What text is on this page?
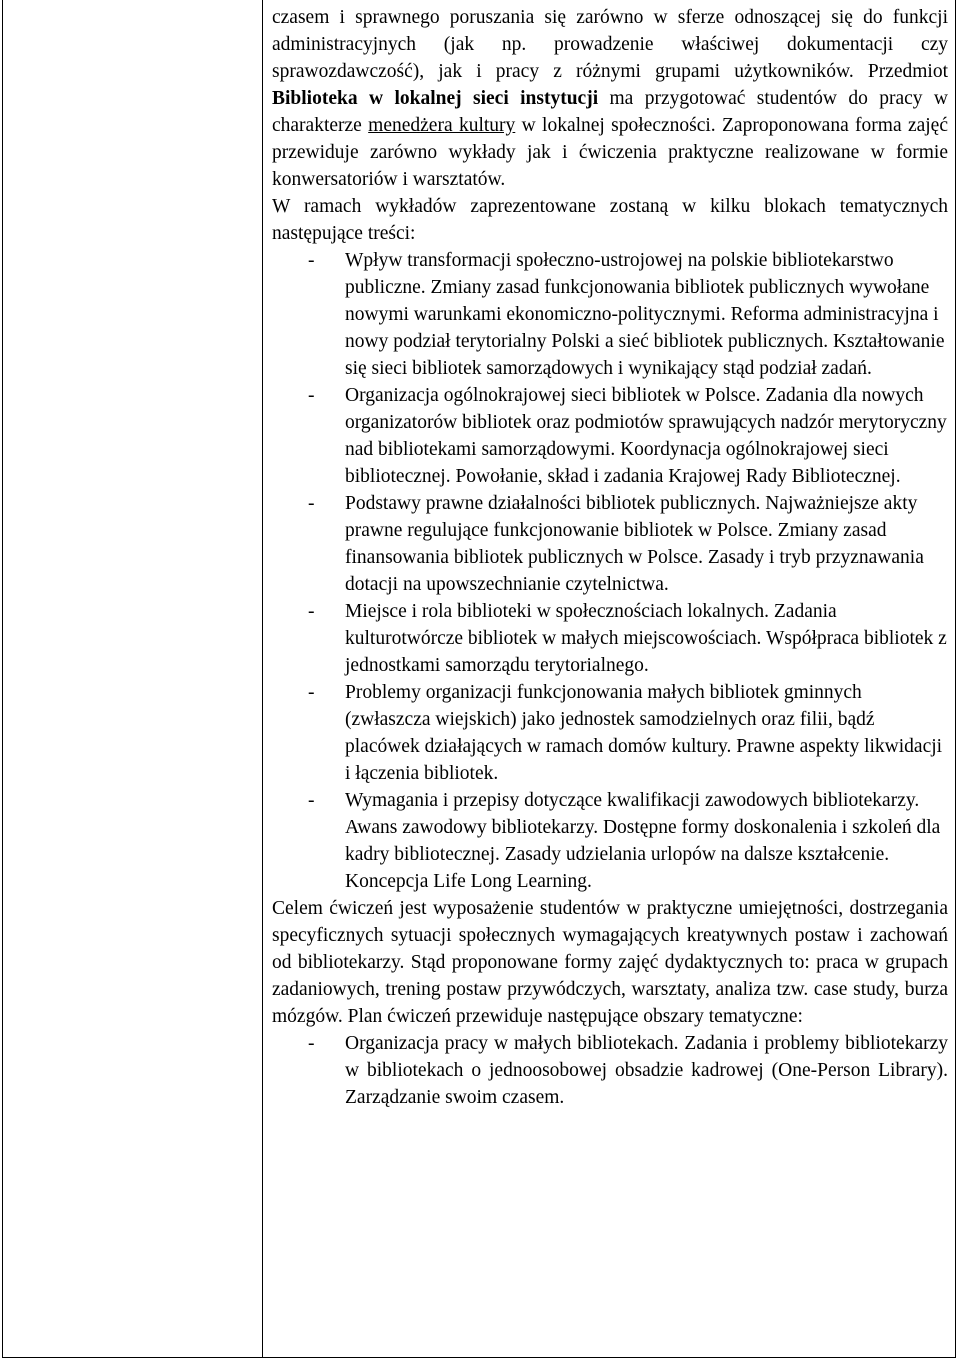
czasem i sprawnego poruszania się zarówno w sferze odnoszącej się do funkcji administracyjnych (jak np. prowadzenie właściwej dokumentacji czy sprawozdawczość), jak i pracy z różnymi grupami użytkowników. Przedmiot Biblioteka w lokalnej sieci instytucji ma przygotować studentów do pracy w charakterze menedżera kultury w lokalnej społeczności. Zaproponowana forma zajęć przewiduje zarówno wykłady jak i ćwiczenia praktyczne realizowane w formie konwersatoriów i warsztatów.

W ramach wykładów zaprezentowane zostaną w kilku blokach tematycznych następujące treści:

- Wpływ transformacji społeczno-ustrojowej na polskie bibliotekarstwo publiczne. Zmiany zasad funkcjonowania bibliotek publicznych wywołane nowymi warunkami ekonomiczno-politycznymi. Reforma administracyjna i nowy podział terytorialny Polski a sieć bibliotek publicznych. Kształtowanie się sieci bibliotek samorządowych i wynikający stąd podział zadań.
- Organizacja ogólnokrajowej sieci bibliotek w Polsce. Zadania dla nowych organizatorów bibliotek oraz podmiotów sprawujących nadzór merytoryczny nad bibliotekami samorządowymi. Koordynacja ogólnokrajowej sieci bibliotecznej. Powołanie, skład i zadania Krajowej Rady Bibliotecznej.
- Podstawy prawne działalności bibliotek publicznych. Najważniejsze akty prawne regulujące funkcjonowanie bibliotek w Polsce. Zmiany zasad finansowania bibliotek publicznych w Polsce. Zasady i tryb przyznawania dotacji na upowszechnianie czytelnictwa.
- Miejsce i rola biblioteki w społecznościach lokalnych. Zadania kulturotwórcze bibliotek w małych miejscowościach. Współpraca bibliotek z jednostkami samorządu terytorialnego.
- Problemy organizacji funkcjonowania małych bibliotek gminnych (zwłaszcza wiejskich) jako jednostek samodzielnych oraz filii, bądź placówek działających w ramach domów kultury. Prawne aspekty likwidacji i łączenia bibliotek.
- Wymagania i przepisy dotyczące kwalifikacji zawodowych bibliotekarzy. Awans zawodowy bibliotekarzy. Dostępne formy doskonalenia i szkoleń dla kadry bibliotecznej. Zasady udzielania urlopów na dalsze kształcenie. Koncepcja Life Long Learning.

Celem ćwiczeń jest wyposażenie studentów w praktyczne umiejętności, dostrzegania specyficznych sytuacji społecznych wymagających kreatywnych postaw i zachowań od bibliotekarzy. Stąd proponowane formy zajęć dydaktycznych to: praca w grupach zadaniowych, trening postaw przywódczych, warsztaty, analiza tzw. case study, burza mózgów. Plan ćwiczeń przewiduje następujące obszary tematyczne:

- Organizacja pracy w małych bibliotekach. Zadania i problemy bibliotekarzy w bibliotekach o jednoosobowej obsadzie kadrowej (One-Person Library). Zarządzanie swoim czasem.
